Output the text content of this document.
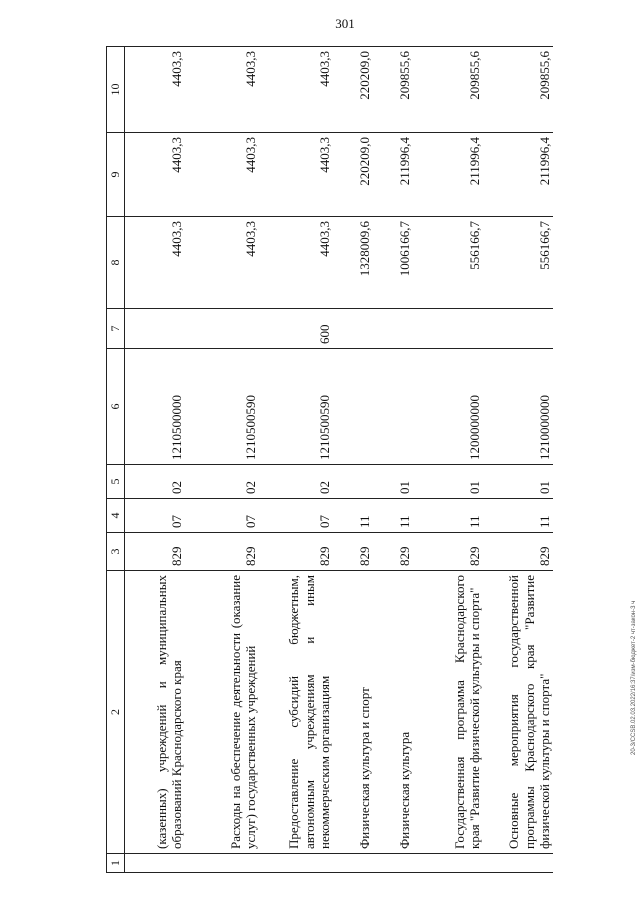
301
20-3/CCSB.02.03.2022/16:37/изм-бюджет-2 чт-закон-3 ч
1	2	3	4	5	6	7	8	9	10
	(казенных) учреждений и муниципальных образований Краснодарского края	829	07	02	1210500000		4403,3	4403,3	4403,3
	Расходы на обеспечение деятельности (оказание услуг) государственных учреждений	829	07	02	1210500590		4403,3	4403,3	4403,3
	Предоставление субсидий бюджетным, автономным учреждениям и иным некоммерческим организациям	829	07	02	1210500590	600	4403,3	4403,3	4403,3
	Физическая культура и спорт	829	11				1328009,6	220209,0	220209,0
	Физическая культура	829	11	01			1006166,7	211996,4	209855,6
	Государственная программа Краснодарского края "Развитие физической культуры и спорта"	829	11	01	1200000000		556166,7	211996,4	209855,6
	Основные мероприятия государственной программы Краснодарского края "Развитие физической культуры и спорта"	829	11	01	1210000000		556166,7	211996,4	209855,6
